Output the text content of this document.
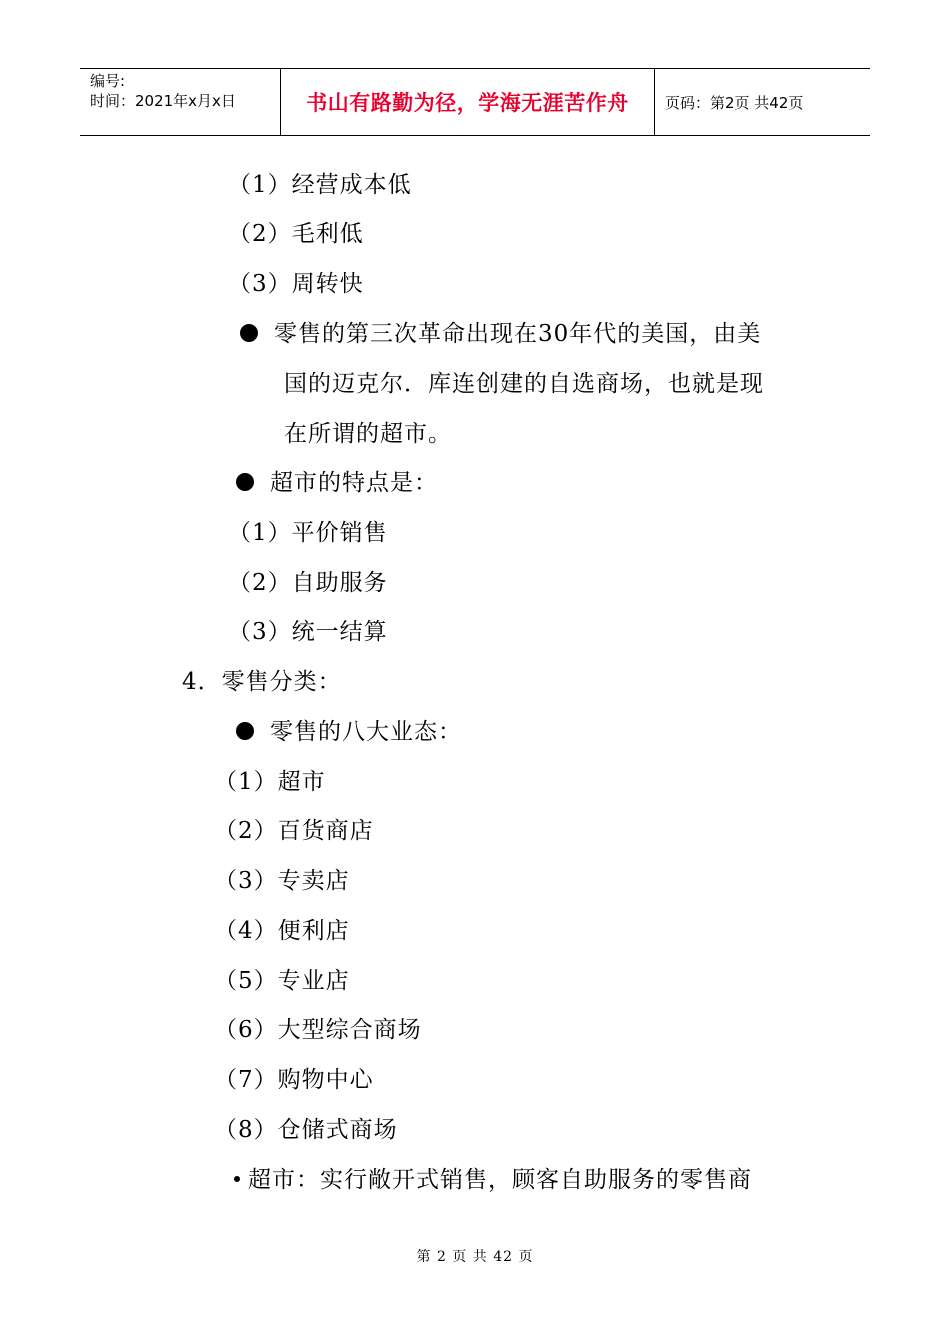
编号:
时间：2021年x月x日	书山有路勤为径，学海无涯苦作舟	页码：第2页 共42页
（1）经营成本低
（2）毛利低
（3）周转快
零售的第三次革命出现在30年代的美国，由美
国的迈克尔．库连创建的自选商场，也就是现
在所谓的超市。
超市的特点是：
（1）平价销售
（2）自助服务
（3）统一结算
4．零售分类：
零售的八大业态：
（1）超市
（2）百货商店
（3）专卖店
（4）便利店
（5）专业店
（6）大型综合商场
（7）购物中心
（8）仓储式商场
超市：实行敞开式销售，顾客自助服务的零售商
第 2 页 共 42 页
